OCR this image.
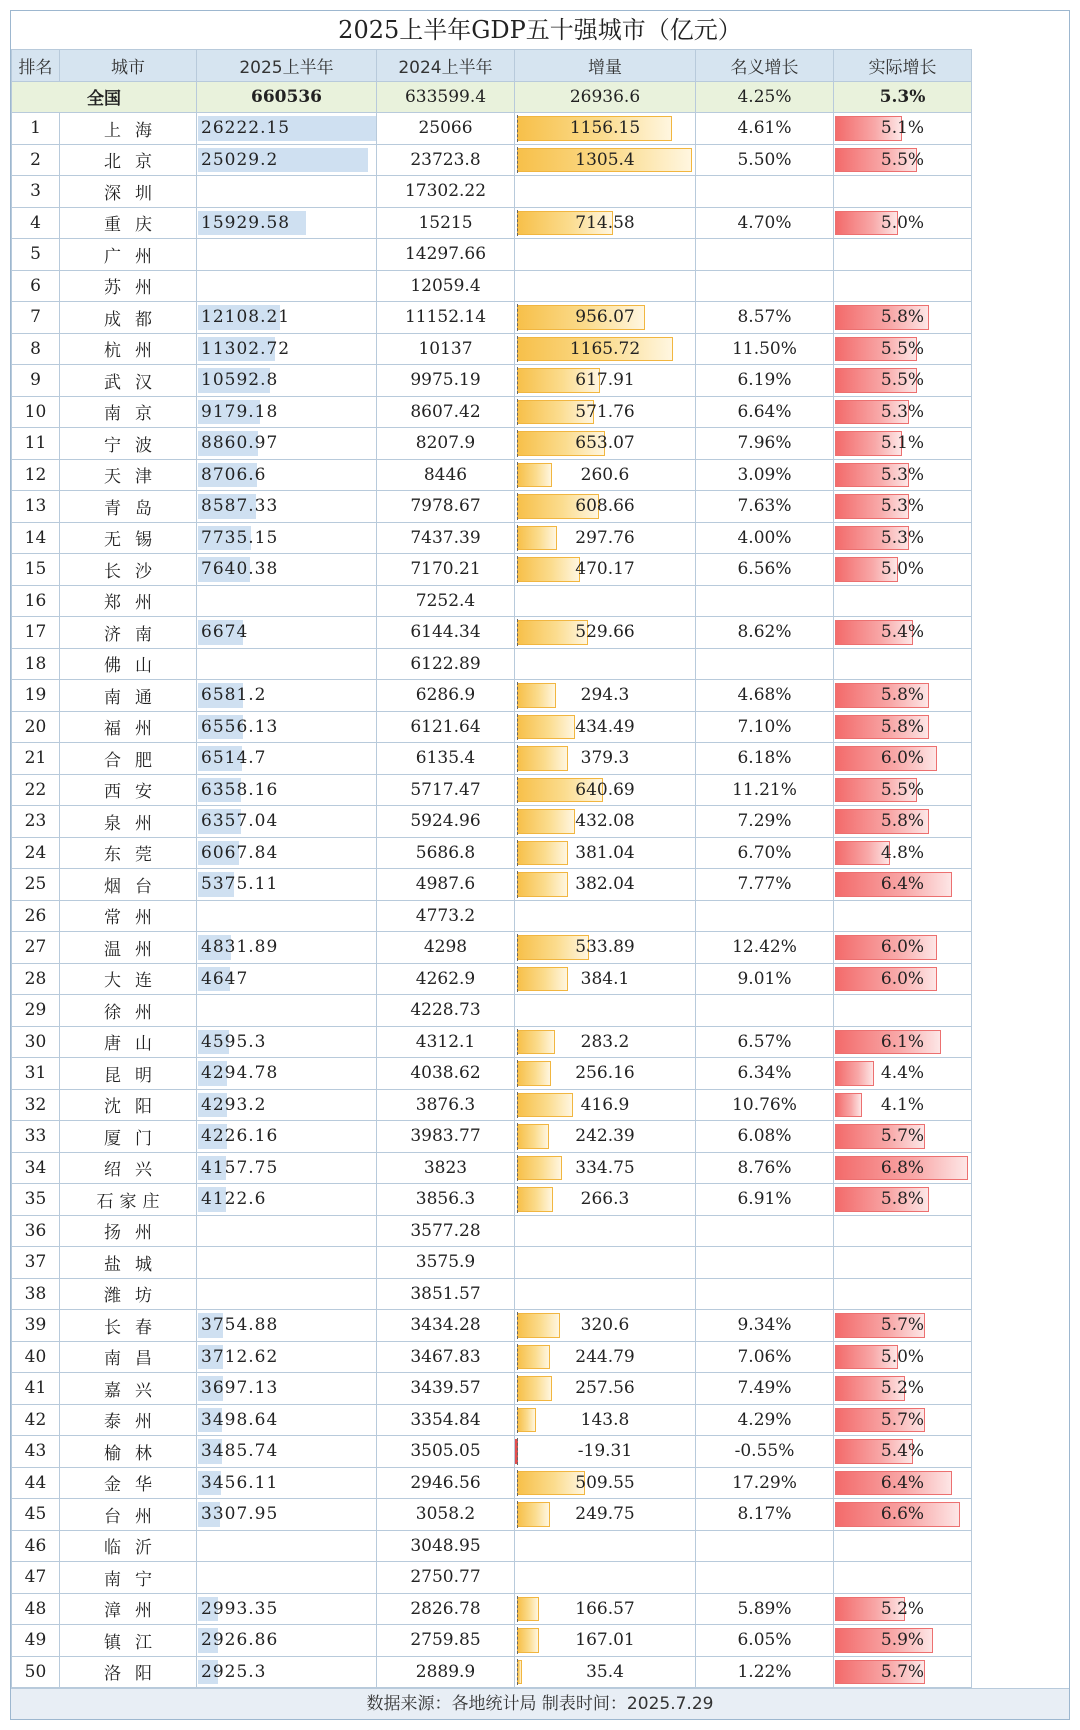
2025上半年GDP五十强城市（亿元）
排名	城市	2025上半年	2024上半年	增量	名义增长	实际增长
全国		660536	633599.4	26936.6	4.25%	5.3%
1	上海	26222.15	25066	1156.15	4.61%	5.1%
2	北京	25029.2	23723.8	1305.4	5.50%	5.5%
3	深圳		17302.22			
4	重庆	15929.58	15215	714.58	4.70%	5.0%
5	广州		14297.66			
6	苏州		12059.4			
7	成都	12108.21	11152.14	956.07	8.57%	5.8%
8	杭州	11302.72	10137	1165.72	11.50%	5.5%
9	武汉	10592.8	9975.19	617.91	6.19%	5.5%
10	南京	9179.18	8607.42	571.76	6.64%	5.3%
11	宁波	8860.97	8207.9	653.07	7.96%	5.1%
12	天津	8706.6	8446	260.6	3.09%	5.3%
13	青岛	8587.33	7978.67	608.66	7.63%	5.3%
14	无锡	7735.15	7437.39	297.76	4.00%	5.3%
15	长沙	7640.38	7170.21	470.17	6.56%	5.0%
16	郑州		7252.4			
17	济南	6674	6144.34	529.66	8.62%	5.4%
18	佛山		6122.89			
19	南通	6581.2	6286.9	294.3	4.68%	5.8%
20	福州	6556.13	6121.64	434.49	7.10%	5.8%
21	合肥	6514.7	6135.4	379.3	6.18%	6.0%
22	西安	6358.16	5717.47	640.69	11.21%	5.5%
23	泉州	6357.04	5924.96	432.08	7.29%	5.8%
24	东莞	6067.84	5686.8	381.04	6.70%	4.8%
25	烟台	5375.11	4987.6	382.04	7.77%	6.4%
26	常州		4773.2			
27	温州	4831.89	4298	533.89	12.42%	6.0%
28	大连	4647	4262.9	384.1	9.01%	6.0%
29	徐州		4228.73			
30	唐山	4595.3	4312.1	283.2	6.57%	6.1%
31	昆明	4294.78	4038.62	256.16	6.34%	4.4%
32	沈阳	4293.2	3876.3	416.9	10.76%	4.1%
33	厦门	4226.16	3983.77	242.39	6.08%	5.7%
34	绍兴	4157.75	3823	334.75	8.76%	6.8%
35	石家庄	4122.6	3856.3	266.3	6.91%	5.8%
36	扬州		3577.28			
37	盐城		3575.9			
38	潍坊		3851.57			
39	长春	3754.88	3434.28	320.6	9.34%	5.7%
40	南昌	3712.62	3467.83	244.79	7.06%	5.0%
41	嘉兴	3697.13	3439.57	257.56	7.49%	5.2%
42	泰州	3498.64	3354.84	143.8	4.29%	5.7%
43	榆林	3485.74	3505.05	-19.31	-0.55%	5.4%
44	金华	3456.11	2946.56	509.55	17.29%	6.4%
45	台州	3307.95	3058.2	249.75	8.17%	6.6%
46	临沂		3048.95			
47	南宁		2750.77			
48	漳州	2993.35	2826.78	166.57	5.89%	5.2%
49	镇江	2926.86	2759.85	167.01	6.05%	5.9%
50	洛阳	2925.3	2889.9	35.4	1.22%	5.7%
数据来源：各地统计局 制表时间：2025.7.29
